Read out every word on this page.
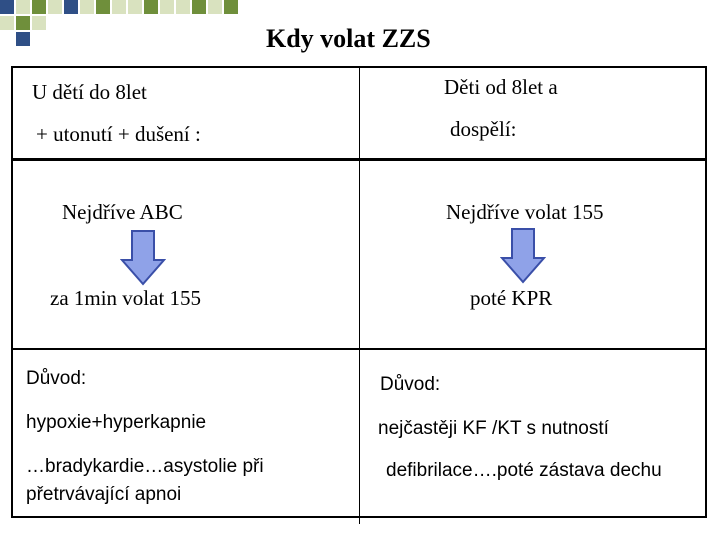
Kdy volat ZZS
U dětí do 8let
+ utonutí + dušení :
Nejdříve ABC
za 1min volat 155
Důvod:
hypoxie+hyperkapnie
…bradykardie…asystolie při
přetrvávající apnoi
Děti od 8let a
dospělí:
Nejdříve volat 155
poté KPR
Důvod:
nejčastěji KF /KT s nutností
defibrilace….poté zástava dechu
